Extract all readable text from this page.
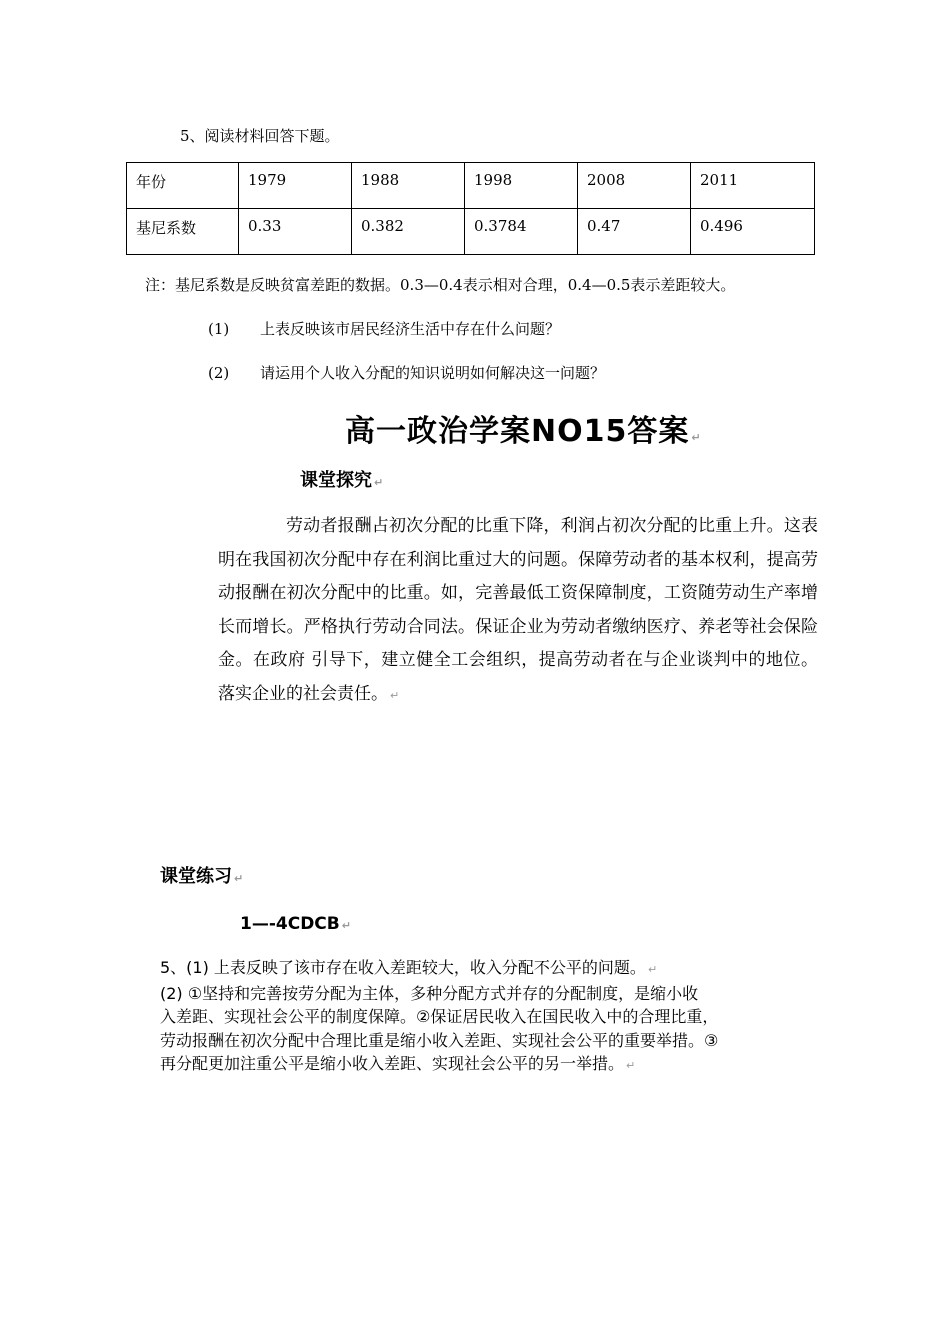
5、阅读材料回答下题。
年份	1979	1988	1998	2008	2011
基尼系数	0.33	0.382	0.3784	0.47	0.496
注：基尼系数是反映贫富差距的数据。0.3—0.4表示相对合理，0.4—0.5表示差距较大。
(1) 上表反映该市居民经济生活中存在什么问题？
(2) 请运用个人收入分配的知识说明如何解决这一问题？
高一政治学案NO15答案 ↵
课堂探究 ↵
劳动者报酬占初次分配的比重下降，利润占初次分配的比重上升。这表明在我国初次分配中存在利润比重过大的问题。保障劳动者的基本权利，提高劳动报酬在初次分配中的比重。如，完善最低工资保障制度，工资随劳动生产率增长而增长。严格执行劳动合同法。保证企业为劳动者缴纳医疗、养老等社会保险金。在政府 引导下，建立健全工会组织，提高劳动者在与企业谈判中的地位。落实企业的社会责任。 ↵
课堂练习 ↵
1—-4CDCB ↵
5、(1) 上表反映了该市存在收入差距较大，收入分配不公平的问题。 ↵
(2) ①坚持和完善按劳分配为主体，多种分配方式并存的分配制度，是缩小收
入差距、实现社会公平的制度保障。②保证居民收入在国民收入中的合理比重，
劳动报酬在初次分配中合理比重是缩小收入差距、实现社会公平的重要举措。③
再分配更加注重公平是缩小收入差距、实现社会公平的另一举措。 ↵
